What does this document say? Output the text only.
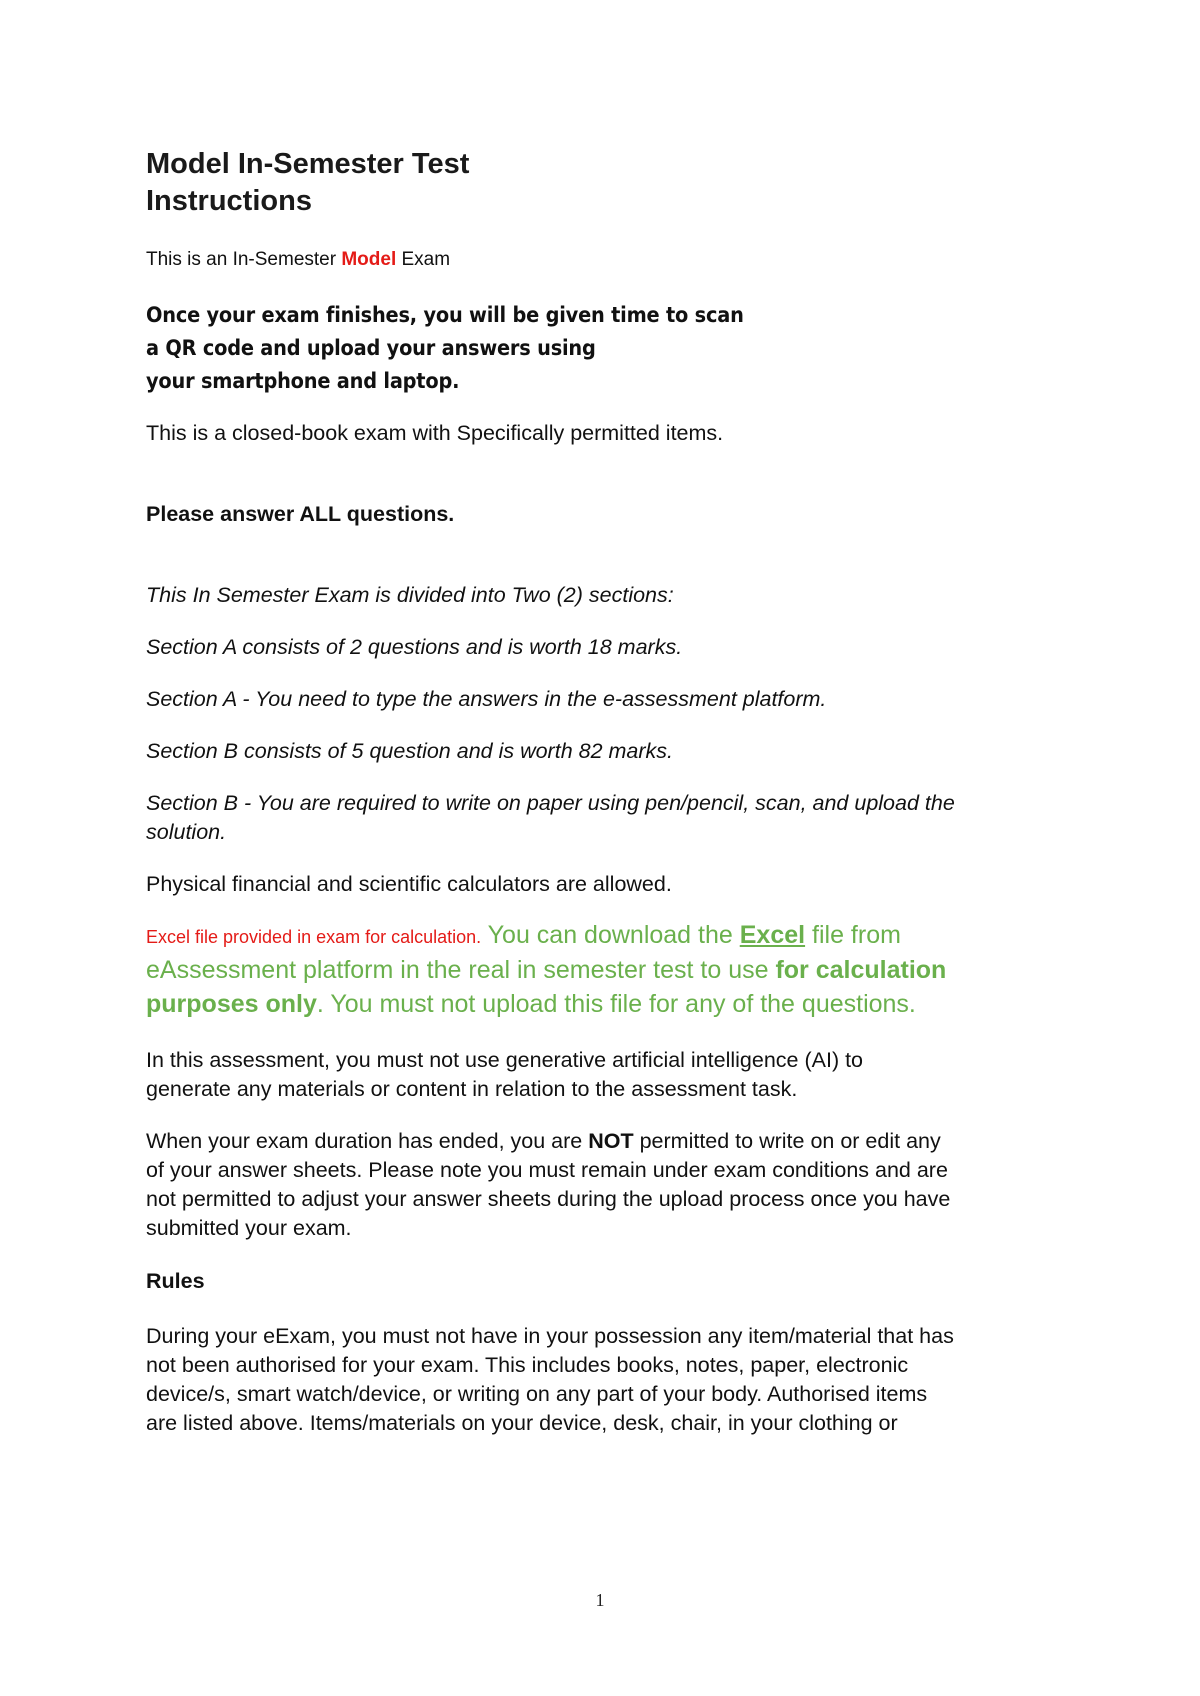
Model In-Semester Test
Instructions

This is an In-Semester Model Exam

Once your exam finishes, you will be given time to scan
a QR code and upload your answers using
your smartphone and laptop.

This is a closed-book exam with Specifically permitted items.

Please answer ALL questions.

This In Semester Exam is divided into Two (2) sections:

Section A consists of 2 questions and is worth 18 marks.

Section A - You need to type the answers in the e-assessment platform.

Section B consists of 5 question and is worth 82 marks.

Section B - You are required to write on paper using pen/pencil, scan, and upload the
solution.

Physical financial and scientific calculators are allowed.

Excel file provided in exam for calculation. You can download the Excel file from
eAssessment platform in the real in semester test to use for calculation
purposes only. You must not upload this file for any of the questions.

In this assessment, you must not use generative artificial intelligence (AI) to
generate any materials or content in relation to the assessment task.

When your exam duration has ended, you are NOT permitted to write on or edit any
of your answer sheets. Please note you must remain under exam conditions and are
not permitted to adjust your answer sheets during the upload process once you have
submitted your exam.

Rules

During your eExam, you must not have in your possession any item/material that has
not been authorised for your exam. This includes books, notes, paper, electronic
device/s, smart watch/device, or writing on any part of your body. Authorised items
are listed above. Items/materials on your device, desk, chair, in your clothing or

1
